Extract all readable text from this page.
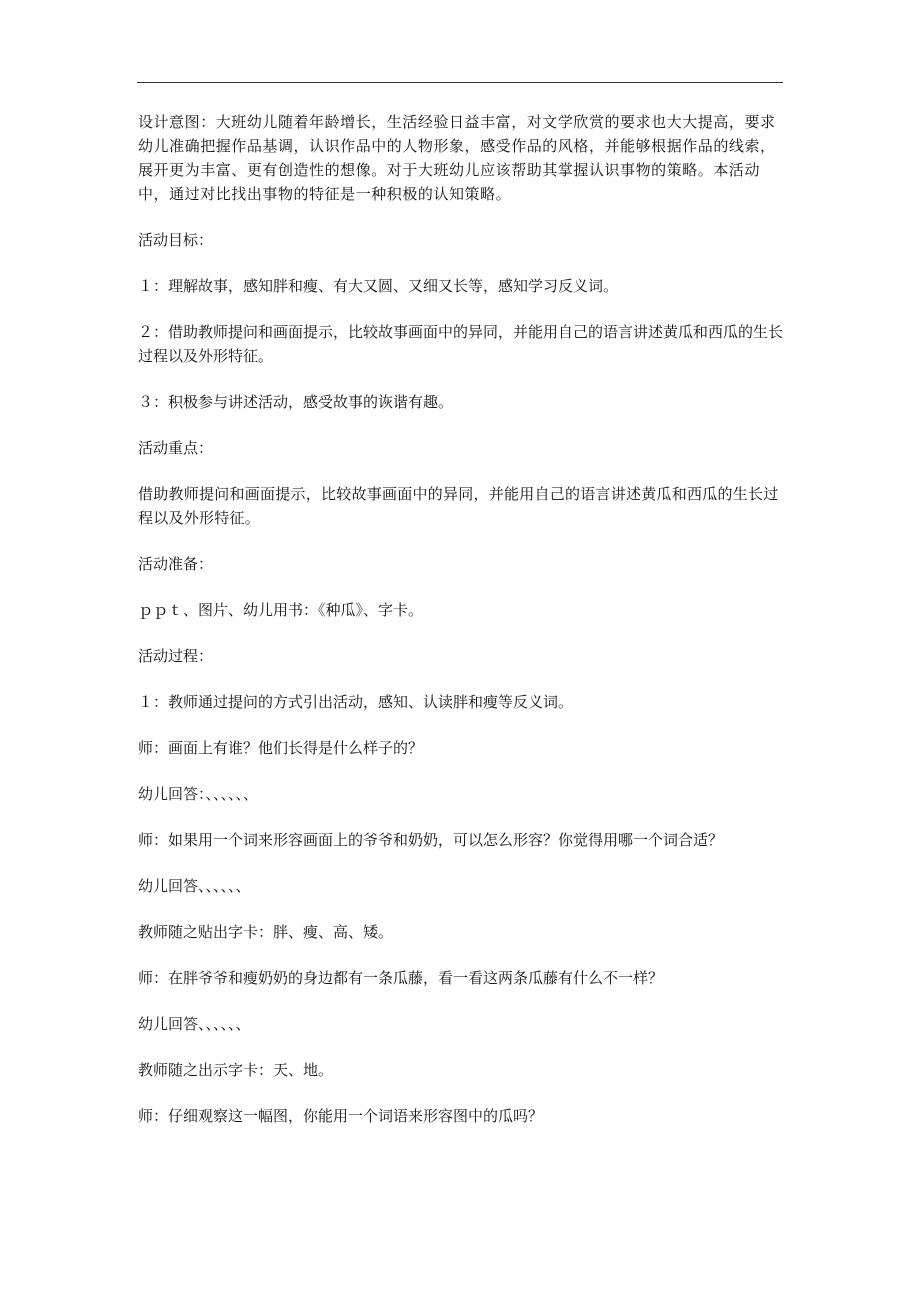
设计意图：大班幼儿随着年龄增长，生活经验日益丰富，对文学欣赏的要求也大大提高，要求幼儿准确把握作品基调，认识作品中的人物形象，感受作品的风格，并能够根据作品的线索，展开更为丰富、更有创造性的想像。对于大班幼儿应该帮助其掌握认识事物的策略。本活动中，通过对比找出事物的特征是一种积极的认知策略。

活动目标：

１：理解故事，感知胖和瘦、有大又圆、又细又长等，感知学习反义词。

２：借助教师提问和画面提示，比较故事画面中的异同，并能用自己的语言讲述黄瓜和西瓜的生长过程以及外形特征。

３：积极参与讲述活动，感受故事的诙谐有趣。

活动重点：

借助教师提问和画面提示，比较故事画面中的异同，并能用自己的语言讲述黄瓜和西瓜的生长过程以及外形特征。

活动准备：

ｐｐｔ、图片、幼儿用书：《种瓜》、字卡。

活动过程：

１：教师通过提问的方式引出活动，感知、认读胖和瘦等反义词。

师：画面上有谁？他们长得是什么样子的？

幼儿回答：、、、、、、

师：如果用一个词来形容画面上的爷爷和奶奶，可以怎么形容？你觉得用哪一个词合适？

幼儿回答、、、、、、

教师随之贴出字卡：胖、瘦、高、矮。

师：在胖爷爷和瘦奶奶的身边都有一条瓜藤，看一看这两条瓜藤有什么不一样？

幼儿回答、、、、、、

教师随之出示字卡：天、地。

师：仔细观察这一幅图，你能用一个词语来形容图中的瓜吗？
